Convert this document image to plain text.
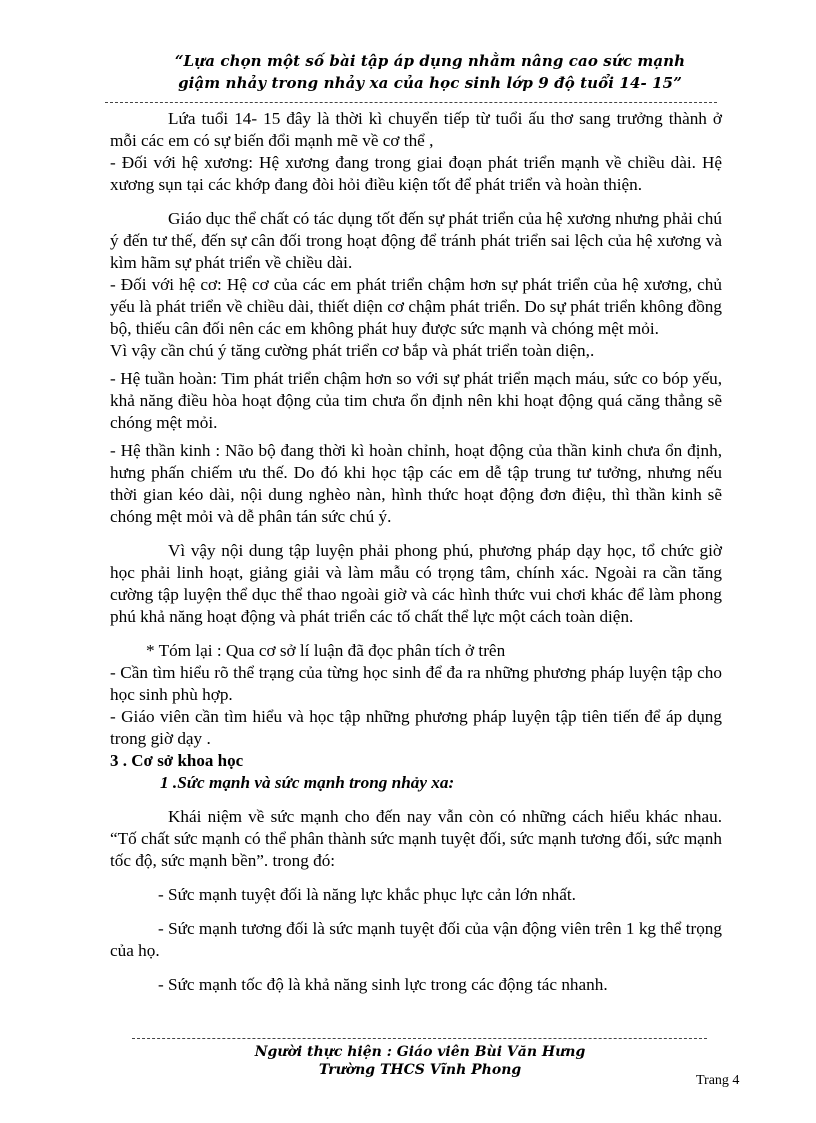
“Lựa chọn một số bài tập áp dụng nhằm nâng cao sức mạnh
giậm nhảy trong nhảy xa của học sinh lớp 9 độ tuổi 14- 15”

Lứa tuổi 14- 15 đây là thời kì chuyển tiếp từ tuổi ấu thơ sang trưởng thành ở mỗi các em có sự biến đổi mạnh mẽ về cơ thể ,

- Đối với hệ xương: Hệ xương đang trong giai đoạn phát triển mạnh về chiều dài. Hệ xương sụn tại các khớp đang đòi hỏi điều kiện tốt để phát triển và hoàn thiện.

Giáo dục thể chất có tác dụng tốt đến sự phát triển của hệ xương nhưng phải chú ý đến tư thế, đến sự cân đối trong hoạt động để tránh phát triển sai lệch của hệ xương và kìm hãm sự phát triển về chiều dài.

- Đối với hệ cơ: Hệ cơ của các em phát triển chậm hơn sự phát triển của hệ xương, chủ yếu là phát triển về chiều dài, thiết diện cơ chậm phát triển. Do sự phát triển không đồng bộ, thiếu cân đối nên các em không phát huy được sức mạnh và chóng mệt mỏi.

Vì vậy cần chú ý tăng cường phát triển cơ bắp và phát triển toàn diện,.

- Hệ tuần hoàn: Tim phát triển chậm hơn so với sự phát triển mạch máu, sức co bóp yếu, khả năng điều hòa hoạt động của tim chưa ổn định nên khi hoạt động quá căng thẳng sẽ chóng mệt mỏi.

- Hệ thần kinh : Não bộ đang thời kì hoàn chỉnh, hoạt động của thần kinh chưa ổn định, hưng phấn chiếm ưu thế. Do đó khi học tập các em dễ tập trung tư tưởng, nhưng nếu thời gian kéo dài, nội dung nghèo nàn, hình thức hoạt động đơn điệu, thì thần kinh sẽ chóng mệt mỏi và dễ phân tán sức chú ý.

Vì vậy nội dung tập luyện phải phong phú, phương pháp dạy học, tổ chức giờ học phải linh hoạt, giảng giải và làm mẫu có trọng tâm, chính xác. Ngoài ra cần tăng cường tập luyện thể dục thể thao ngoài giờ và các hình thức vui chơi khác để làm phong phú khả năng hoạt động và phát triển các tố chất thể lực một cách toàn diện.

* Tóm lại : Qua cơ sở lí luận đã đọc phân tích ở trên

- Cần tìm hiểu rõ thể trạng của từng học sinh để đa ra những phương pháp luyện tập cho học sinh phù hợp.

- Giáo viên cần tìm hiểu và học tập những phương pháp luyện tập tiên tiến để áp dụng trong giờ dạy .

3 . Cơ sở khoa học

1 .Sức mạnh và sức mạnh trong nhảy xa:

Khái niệm về sức mạnh cho đến nay vẫn còn có những cách hiểu khác nhau. “Tố chất sức mạnh có thể phân thành sức mạnh tuyệt đối, sức mạnh tương đối, sức mạnh tốc độ, sức mạnh bền”. trong đó:

- Sức mạnh tuyệt đối là năng lực khắc phục lực cản lớn nhất.

- Sức mạnh tương đối là sức mạnh tuyệt đối của vận động viên trên 1 kg thể trọng của họ.

- Sức mạnh tốc độ là khả năng sinh lực trong các động tác nhanh.

Người thực hiện : Giáo viên Bùi Văn Hưng
Trường THCS Vĩnh Phong
Trang 4
